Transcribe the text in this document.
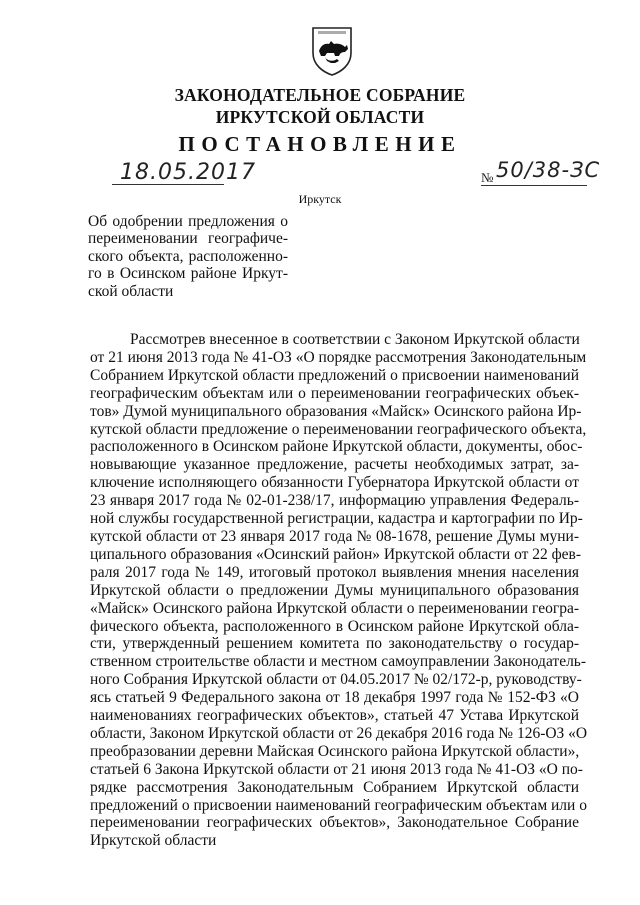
ЗАКОНОДАТЕЛЬНОЕ СОБРАНИЕ
ИРКУТСКОЙ ОБЛАСТИ
ПОСТАНОВЛЕНИЕ
18.05.2017	№ 50/38-ЗС
Иркутск
Об одобрении предложения о
переименовании географиче-
ского объекта, расположенно-
го в Осинском районе Иркут-
ской области
Рассмотрев внесенное в соответствии с Законом Иркутской области
от 21 июня 2013 года № 41-ОЗ «О порядке рассмотрения Законодательным
Собранием Иркутской области предложений о присвоении наименований
географическим объектам или о переименовании географических объек-
тов» Думой муниципального образования «Майск» Осинского района Ир-
кутской области предложение о переименовании географического объекта,
расположенного в Осинском районе Иркутской области, документы, обос-
новывающие указанное предложение, расчеты необходимых затрат, за-
ключение исполняющего обязанности Губернатора Иркутской области от
23 января 2017 года № 02-01-238/17, информацию управления Федераль-
ной службы государственной регистрации, кадастра и картографии по Ир-
кутской области от 23 января 2017 года № 08-1678, решение Думы муни-
ципального образования «Осинский район» Иркутской области от 22 фев-
раля 2017 года № 149, итоговый протокол выявления мнения населения
Иркутской области о предложении Думы муниципального образования
«Майск» Осинского района Иркутской области о переименовании геогра-
фического объекта, расположенного в Осинском районе Иркутской обла-
сти, утвержденный решением комитета по законодательству о государ-
ственном строительстве области и местном самоуправлении Законодатель-
ного Собрания Иркутской области от 04.05.2017 № 02/172-р, руководству-
ясь статьей 9 Федерального закона от 18 декабря 1997 года № 152-ФЗ «О
наименованиях географических объектов», статьей 47 Устава Иркутской
области, Законом Иркутской области от 26 декабря 2016 года № 126-ОЗ «О
преобразовании деревни Майская Осинского района Иркутской области»,
статьей 6 Закона Иркутской области от 21 июня 2013 года № 41-ОЗ «О по-
рядке рассмотрения Законодательным Собранием Иркутской области
предложений о присвоении наименований географическим объектам или о
переименовании географических объектов», Законодательное Собрание
Иркутской области
